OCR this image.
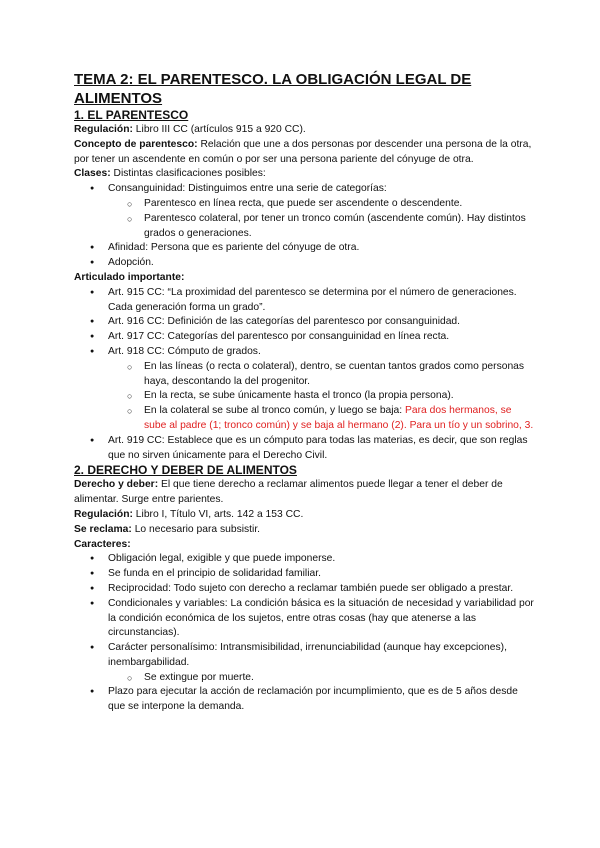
TEMA 2: EL PARENTESCO. LA OBLIGACIÓN LEGAL DE ALIMENTOS
1. EL PARENTESCO

Regulación: Libro III CC (artículos 915 a 920 CC).

Concepto de parentesco: Relación que une a dos personas por descender una persona de la otra, por tener un ascendente en común o por ser una persona pariente del cónyuge de otra.

Clases: Distintas clasificaciones posibles:

● Consanguinidad: Distinguimos entre una serie de categorías:
○ Parentesco en línea recta, que puede ser ascendente o descendente.
○ Parentesco colateral, por tener un tronco común (ascendente común). Hay distintos grados o generaciones.
● Afinidad: Persona que es pariente del cónyuge de otra.
● Adopción.

Articulado importante:

● Art. 915 CC: “La proximidad del parentesco se determina por el número de generaciones. Cada generación forma un grado”.
● Art. 916 CC: Definición de las categorías del parentesco por consanguinidad.
● Art. 917 CC: Categorías del parentesco por consanguinidad en línea recta.
● Art. 918 CC: Cómputo de grados.
○ En las líneas (o recta o colateral), dentro, se cuentan tantos grados como personas haya, descontando la del progenitor.
○ En la recta, se sube únicamente hasta el tronco (la propia persona).
○ En la colateral se sube al tronco común, y luego se baja: Para dos hermanos, se sube al padre (1; tronco común) y se baja al hermano (2). Para un tío y un sobrino, 3.
● Art. 919 CC: Establece que es un cómputo para todas las materias, es decir, que son reglas que no sirven únicamente para el Derecho Civil.
2. DERECHO Y DEBER DE ALIMENTOS

Derecho y deber: El que tiene derecho a reclamar alimentos puede llegar a tener el deber de alimentar. Surge entre parientes.

Regulación: Libro I, Título VI, arts. 142 a 153 CC.

Se reclama: Lo necesario para subsistir.

Caracteres:

● Obligación legal, exigible y que puede imponerse.
● Se funda en el principio de solidaridad familiar.
● Reciprocidad: Todo sujeto con derecho a reclamar también puede ser obligado a prestar.
● Condicionales y variables: La condición básica es la situación de necesidad y variabilidad por la condición económica de los sujetos, entre otras cosas (hay que atenerse a las circunstancias).
● Carácter personalísimo: Intransmisibilidad, irrenunciabilidad (aunque hay excepciones), inembargabilidad.
○ Se extingue por muerte.
● Plazo para ejecutar la acción de reclamación por incumplimiento, que es de 5 años desde que se interpone la demanda.
